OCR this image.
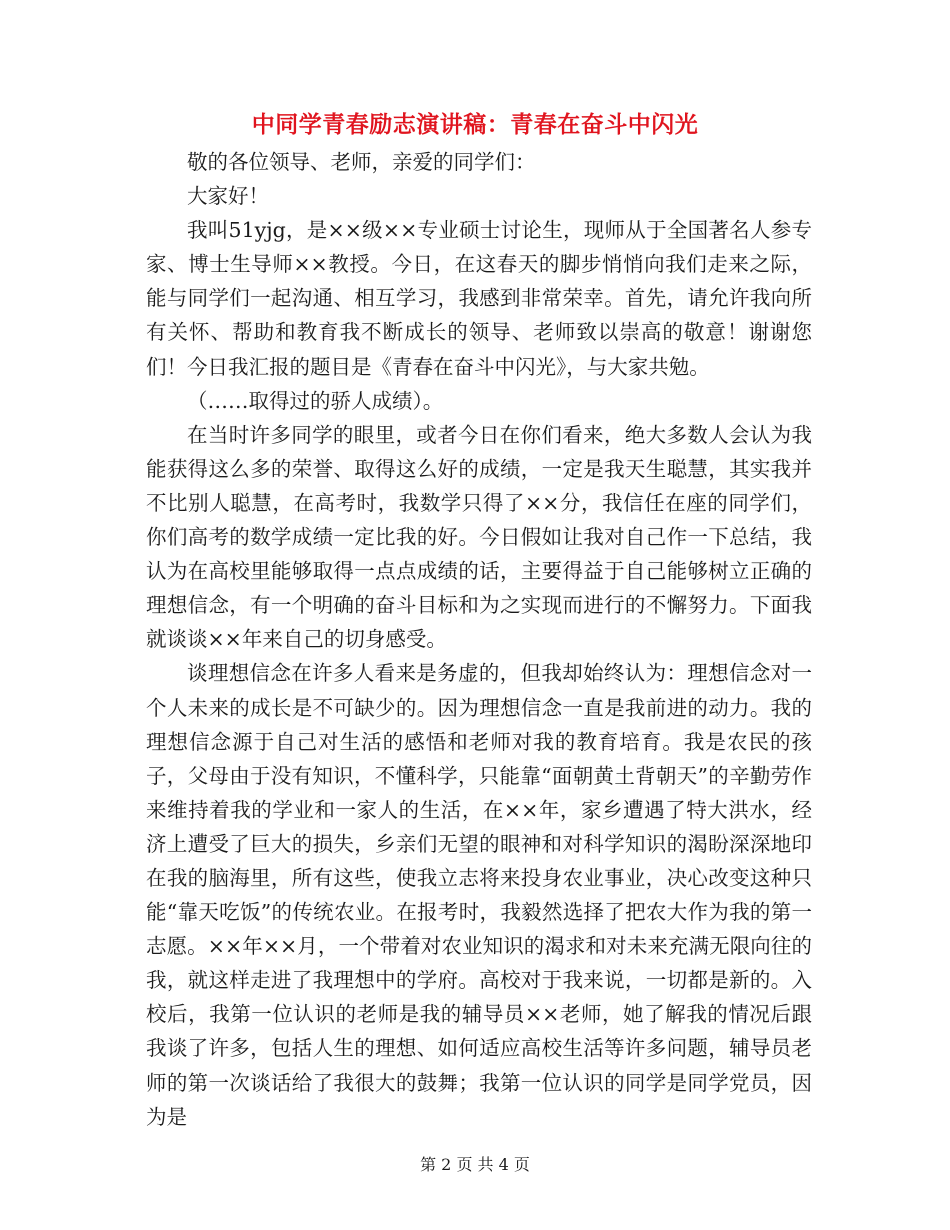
中同学青春励志演讲稿：青春在奋斗中闪光

敬的各位领导、老师，亲爱的同学们：

大家好！

我叫51yjg，是××级××专业硕士讨论生，现师从于全国著名人参专家、博士生导师××教授。今日，在这春天的脚步悄悄向我们走来之际，能与同学们一起沟通、相互学习，我感到非常荣幸。首先，请允许我向所有关怀、帮助和教育我不断成长的领导、老师致以崇高的敬意！谢谢您们！今日我汇报的题目是《青春在奋斗中闪光》，与大家共勉。

（……取得过的骄人成绩）。

在当时许多同学的眼里，或者今日在你们看来，绝大多数人会认为我能获得这么多的荣誉、取得这么好的成绩，一定是我天生聪慧，其实我并不比别人聪慧，在高考时，我数学只得了××分，我信任在座的同学们，你们高考的数学成绩一定比我的好。今日假如让我对自己作一下总结，我认为在高校里能够取得一点点成绩的话，主要得益于自己能够树立正确的理想信念，有一个明确的奋斗目标和为之实现而进行的不懈努力。下面我就谈谈××年来自己的切身感受。

谈理想信念在许多人看来是务虚的，但我却始终认为：理想信念对一个人未来的成长是不可缺少的。因为理想信念一直是我前进的动力。我的理想信念源于自己对生活的感悟和老师对我的教育培育。我是农民的孩子，父母由于没有知识，不懂科学，只能靠“面朝黄土背朝天”的辛勤劳作来维持着我的学业和一家人的生活，在××年，家乡遭遇了特大洪水，经济上遭受了巨大的损失，乡亲们无望的眼神和对科学知识的渴盼深深地印在我的脑海里，所有这些，使我立志将来投身农业事业，决心改变这种只能“靠天吃饭”的传统农业。在报考时，我毅然选择了把农大作为我的第一志愿。××年××月，一个带着对农业知识的渴求和对未来充满无限向往的我，就这样走进了我理想中的学府。高校对于我来说，一切都是新的。入校后，我第一位认识的老师是我的辅导员××老师，她了解我的情况后跟我谈了许多，包括人生的理想、如何适应高校生活等许多问题，辅导员老师的第一次谈话给了我很大的鼓舞；我第一位认识的同学是同学党员，因为是

第 2 页 共 4 页
